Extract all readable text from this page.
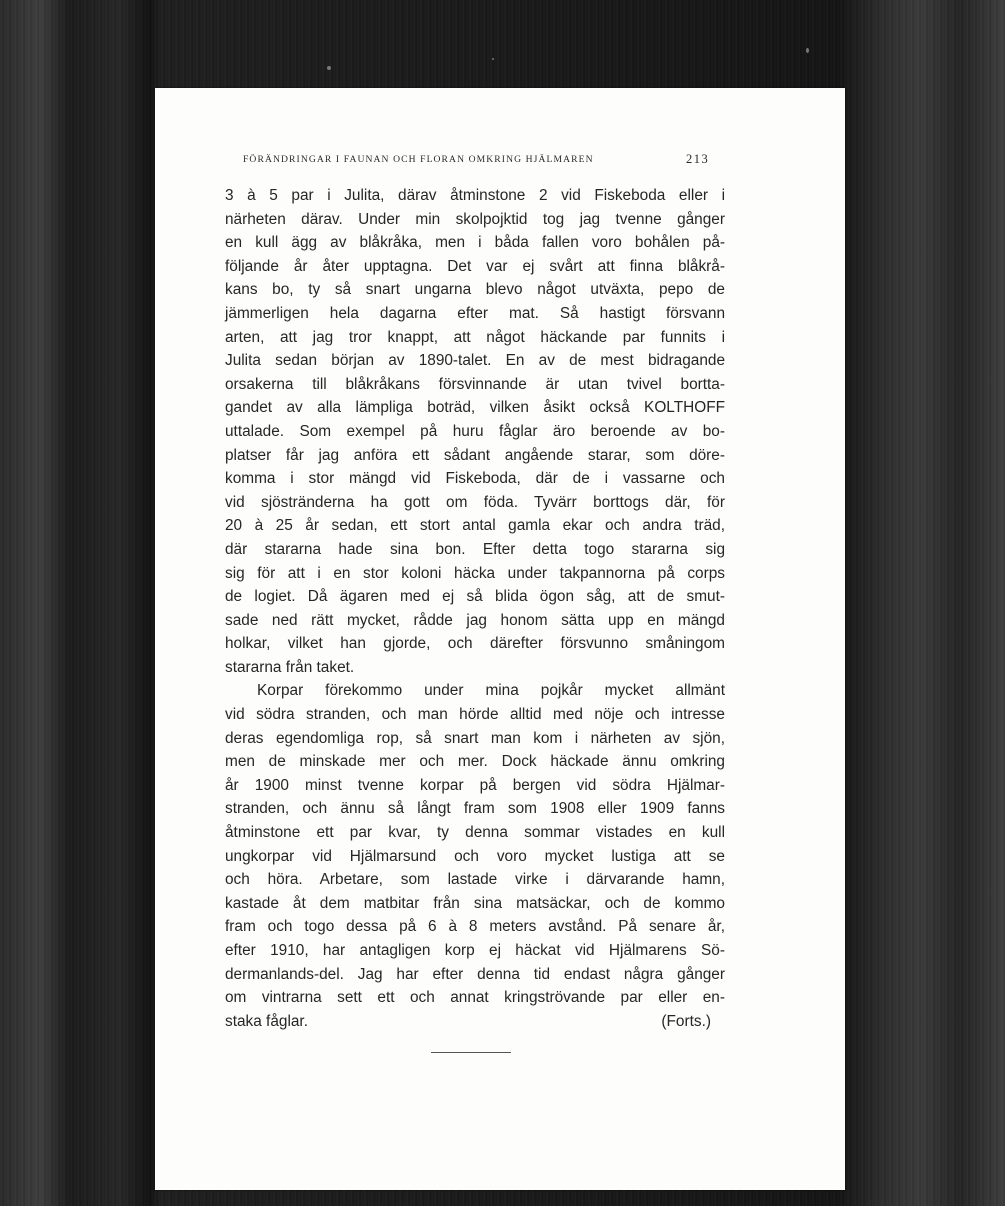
FÖRÄNDRINGAR I FAUNAN OCH FLORAN OMKRING HJÄLMAREN	213
3 à 5 par i Julita, därav åtminstone 2 vid Fiskeboda eller i
närheten därav. Under min skolpojktid tog jag tvenne gånger
en kull ägg av blåkråka, men i båda fallen voro bohålen på-
följande år åter upptagna. Det var ej svårt att finna blåkrå-
kans bo, ty så snart ungarna blevo något utväxta, pepo de
jämmerligen hela dagarna efter mat. Så hastigt försvann
arten, att jag tror knappt, att något häckande par funnits i
Julita sedan början av 1890-talet. En av de mest bidragande
orsakerna till blåkråkans försvinnande är utan tvivel bortta-
gandet av alla lämpliga boträd, vilken åsikt också KOLTHOFF
uttalade. Som exempel på huru fåglar äro beroende av bo-
platser får jag anföra ett sådant angående starar, som döre-
komma i stor mängd vid Fiskeboda, där de i vassarne och
vid sjöstränderna ha gott om föda. Tyvärr borttogs där, för
20 à 25 år sedan, ett stort antal gamla ekar och andra träd,
där stararna hade sina bon. Efter detta togo stararna sig
sig för att i en stor koloni häcka under takpannorna på corps
de logiet. Då ägaren med ej så blida ögon såg, att de smut-
sade ned rätt mycket, rådde jag honom sätta upp en mängd
holkar, vilket han gjorde, och därefter försvunno småningom
stararna från taket.
Korpar förekommo under mina pojkår mycket allmänt
vid södra stranden, och man hörde alltid med nöje och intresse
deras egendomliga rop, så snart man kom i närheten av sjön,
men de minskade mer och mer. Dock häckade ännu omkring
år 1900 minst tvenne korpar på bergen vid södra Hjälmar-
stranden, och ännu så långt fram som 1908 eller 1909 fanns
åtminstone ett par kvar, ty denna sommar vistades en kull
ungkorpar vid Hjälmarsund och voro mycket lustiga att se
och höra. Arbetare, som lastade virke i därvarande hamn,
kastade åt dem matbitar från sina matsäckar, och de kommo
fram och togo dessa på 6 à 8 meters avstånd. På senare år,
efter 1910, har antagligen korp ej häckat vid Hjälmarens Sö-
dermanlands-del. Jag har efter denna tid endast några gånger
om vintrarna sett ett och annat kringströvande par eller en-
staka fåglar.	(Forts.)
